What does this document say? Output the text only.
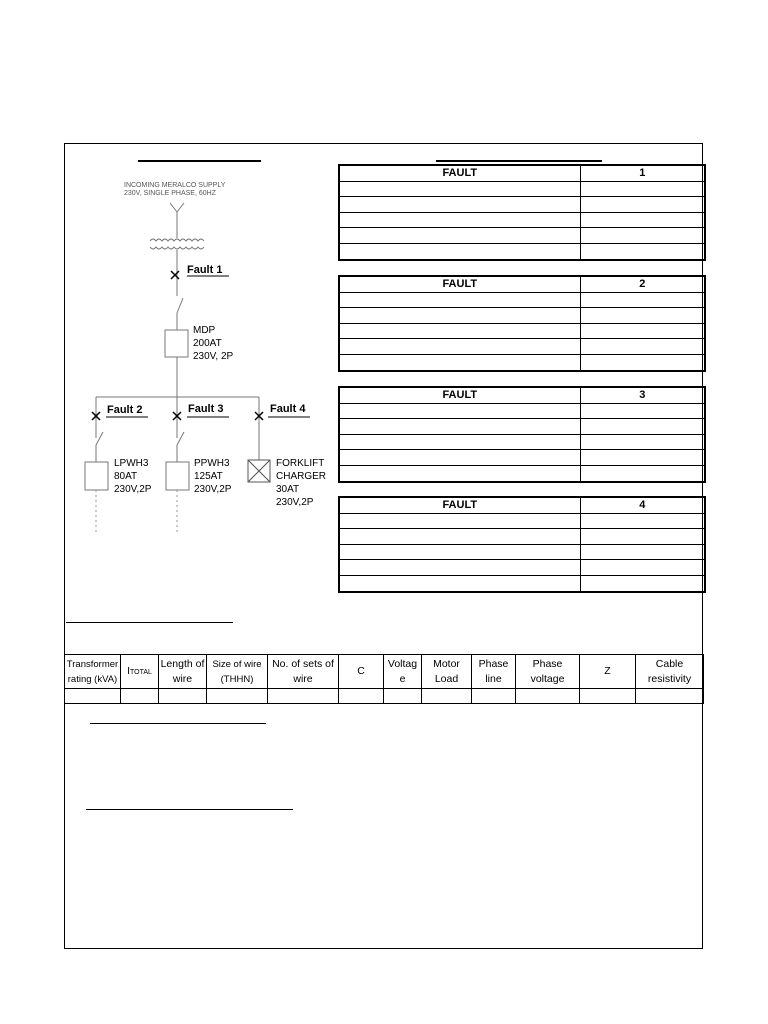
INCOMING MERALCO SUPPLY
230V, SINGLE PHASE, 60HZ
Fault 1
Fault 2	Fault 3	Fault 4
MDP
200AT
230V, 2P
LPWH3
80AT
230V,2P
PPWH3
125AT
230V,2P
FORKLIFT
CHARGER
30AT
230V,2P
FAULT	1

FAULT	2

FAULT	3

FAULT	4

Transformer rating (kVA)	ITOTAL	Length of wire	Size of wire (THHN)	No. of sets of wire	C	Voltag e	Motor Load	Phase line	Phase voltage	Z	Cable resistivity
